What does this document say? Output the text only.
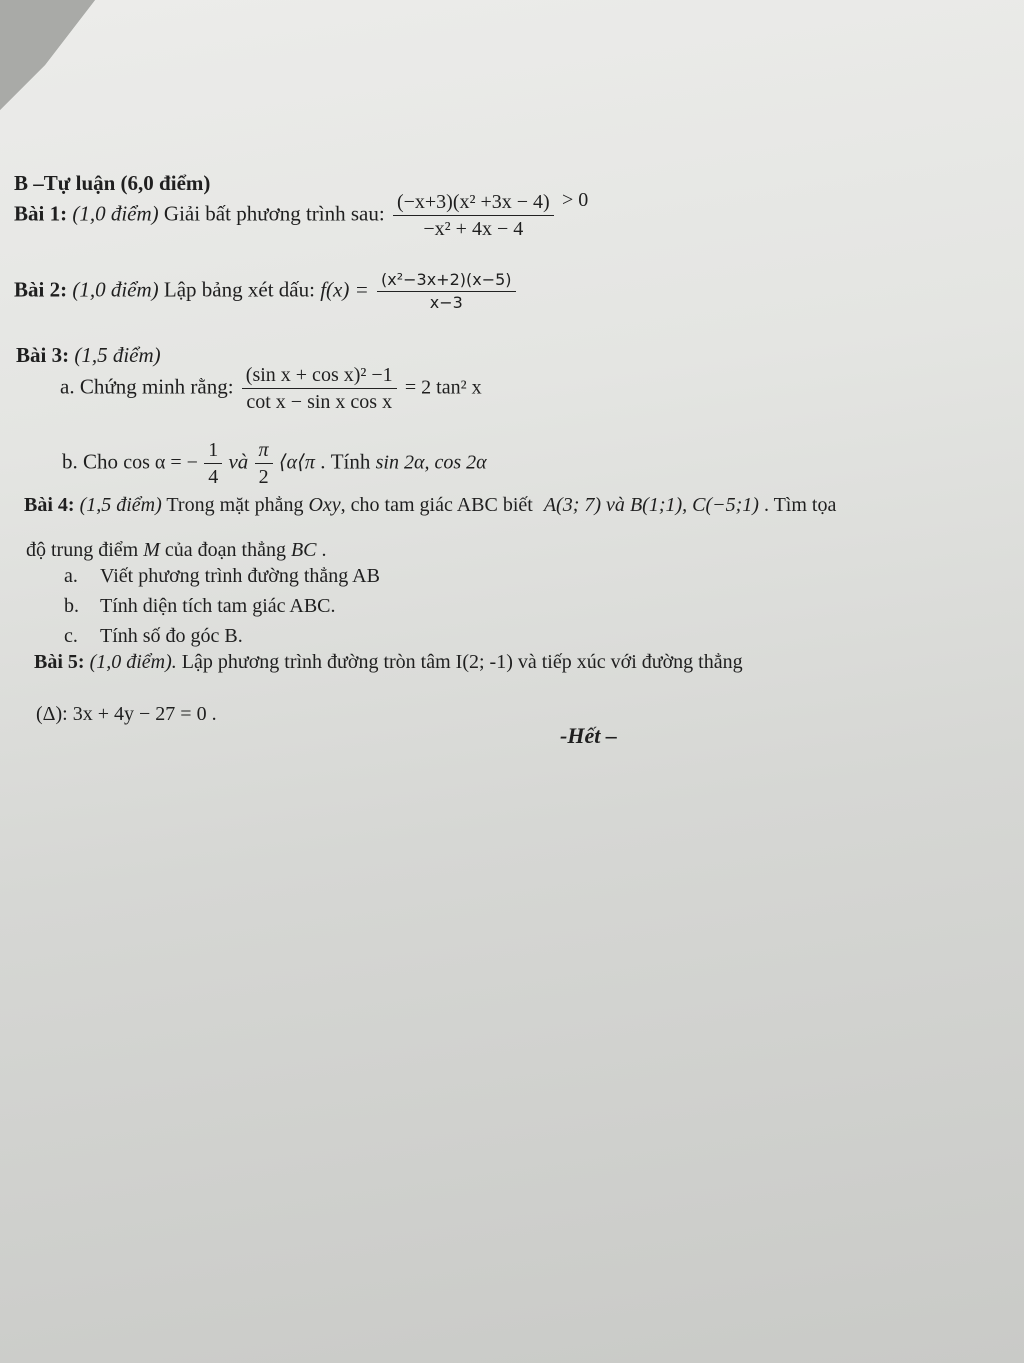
B –Tự luận (6,0 điểm)
Bài 1: (1,0 điểm) Giải bất phương trình sau: $\frac{\text{(−x+3)(x² +3x − 4)}}{\text{−x² + 4x − 4}} > 0$
Bài 2: (1,0 điểm) Lập bảng xét dấu: $f(x) = \frac{\text{(x²−3x+2)(x−5)}}{x-3}$
Bài 3: (1,5 điểm)
a. Chứng minh rằng: $\frac{\text{(sin x + cos x)² −1}}{\text{cot x − sin x cos x}} = 2$ tan² x
b. Cho cos α = − $\frac{1}{4}$ và $\frac{\pi}{2}$ ⟨α⟨π . Tính sin 2α, cos 2α
Bài 4: (1,5 điểm) Trong mặt phẳng Oxy, cho tam giác ABC biết A(3; 7) và B(1;1), C(−5;1) . Tìm tọa
độ trung điểm M của đoạn thẳng BC .
a. Viết phương trình đường thẳng AB
b. Tính diện tích tam giác ABC.
c. Tính số đo góc B.
Bài 5: (1,0 điểm). Lập phương trình đường tròn tâm I(2; -1) và tiếp xúc với đường thẳng
(Δ): 3x + 4y − 27 = 0 .
-Hết –
